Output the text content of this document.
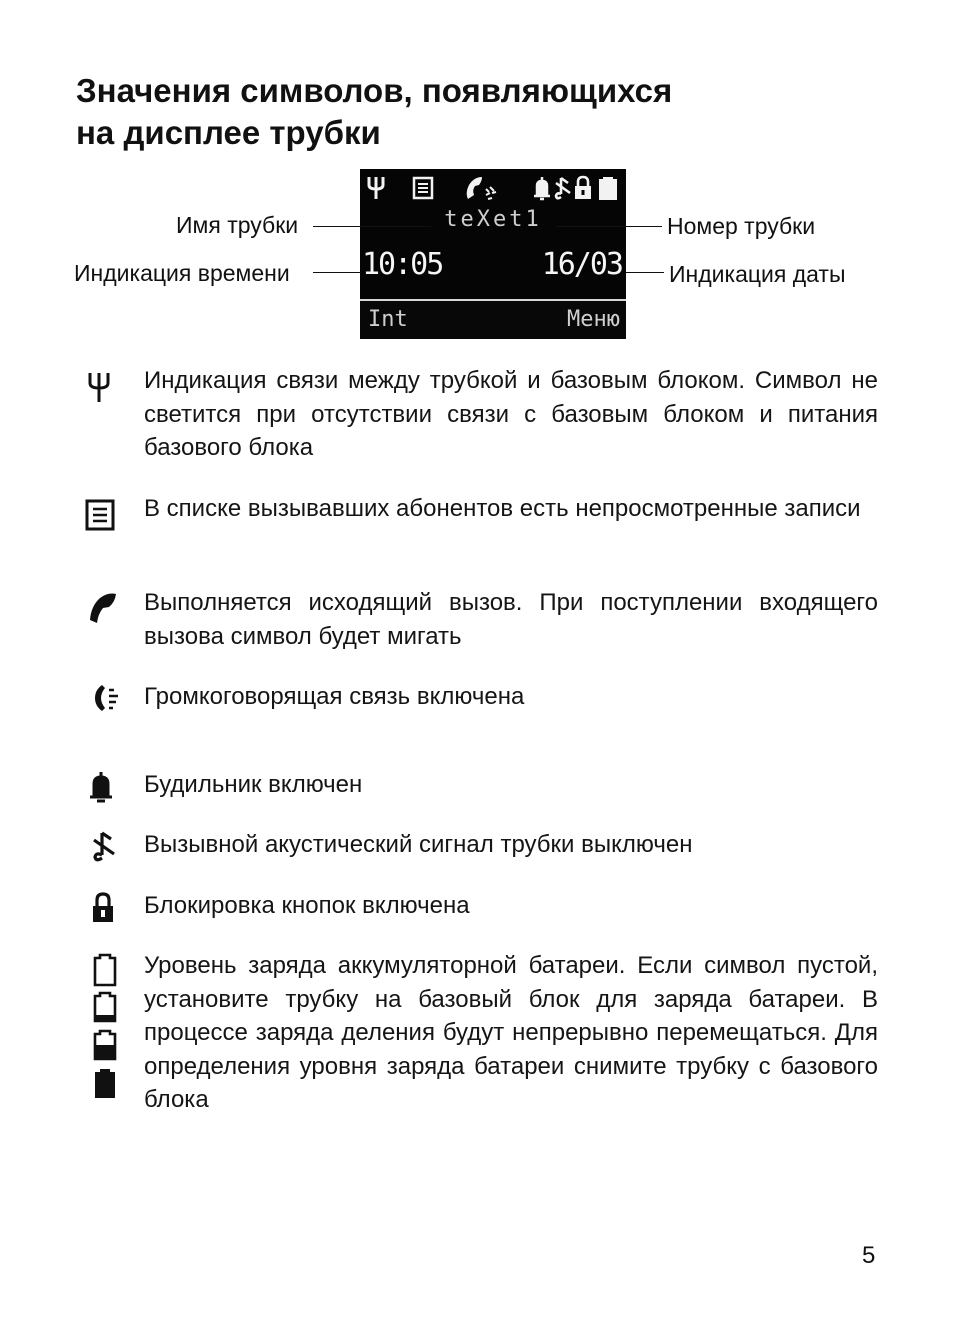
Значения символов, появляющихся
на дисплее трубки
teXet1
10:05	16/03
Int	Меню
Имя трубки	Номер трубки
Индикация времени	Индикация даты

Индикация связи между трубкой и базовым блоком. Символ не светится при отсутствии связи с базовым блоком и питания базового блока

В списке вызывавших абонентов есть непросмотренные записи

Выполняется исходящий вызов. При поступлении входящего вызова символ будет мигать

Громкоговорящая связь включена

Будильник включен

Вызывной акустический сигнал трубки выключен

Блокировка кнопок включена

Уровень заряда аккумуляторной батареи. Если символ пустой, установите трубку на базовый блок для заряда батареи. В процессе заряда деления будут непрерывно перемещаться. Для определения уровня заряда батареи снимите трубку с базового блока

5
